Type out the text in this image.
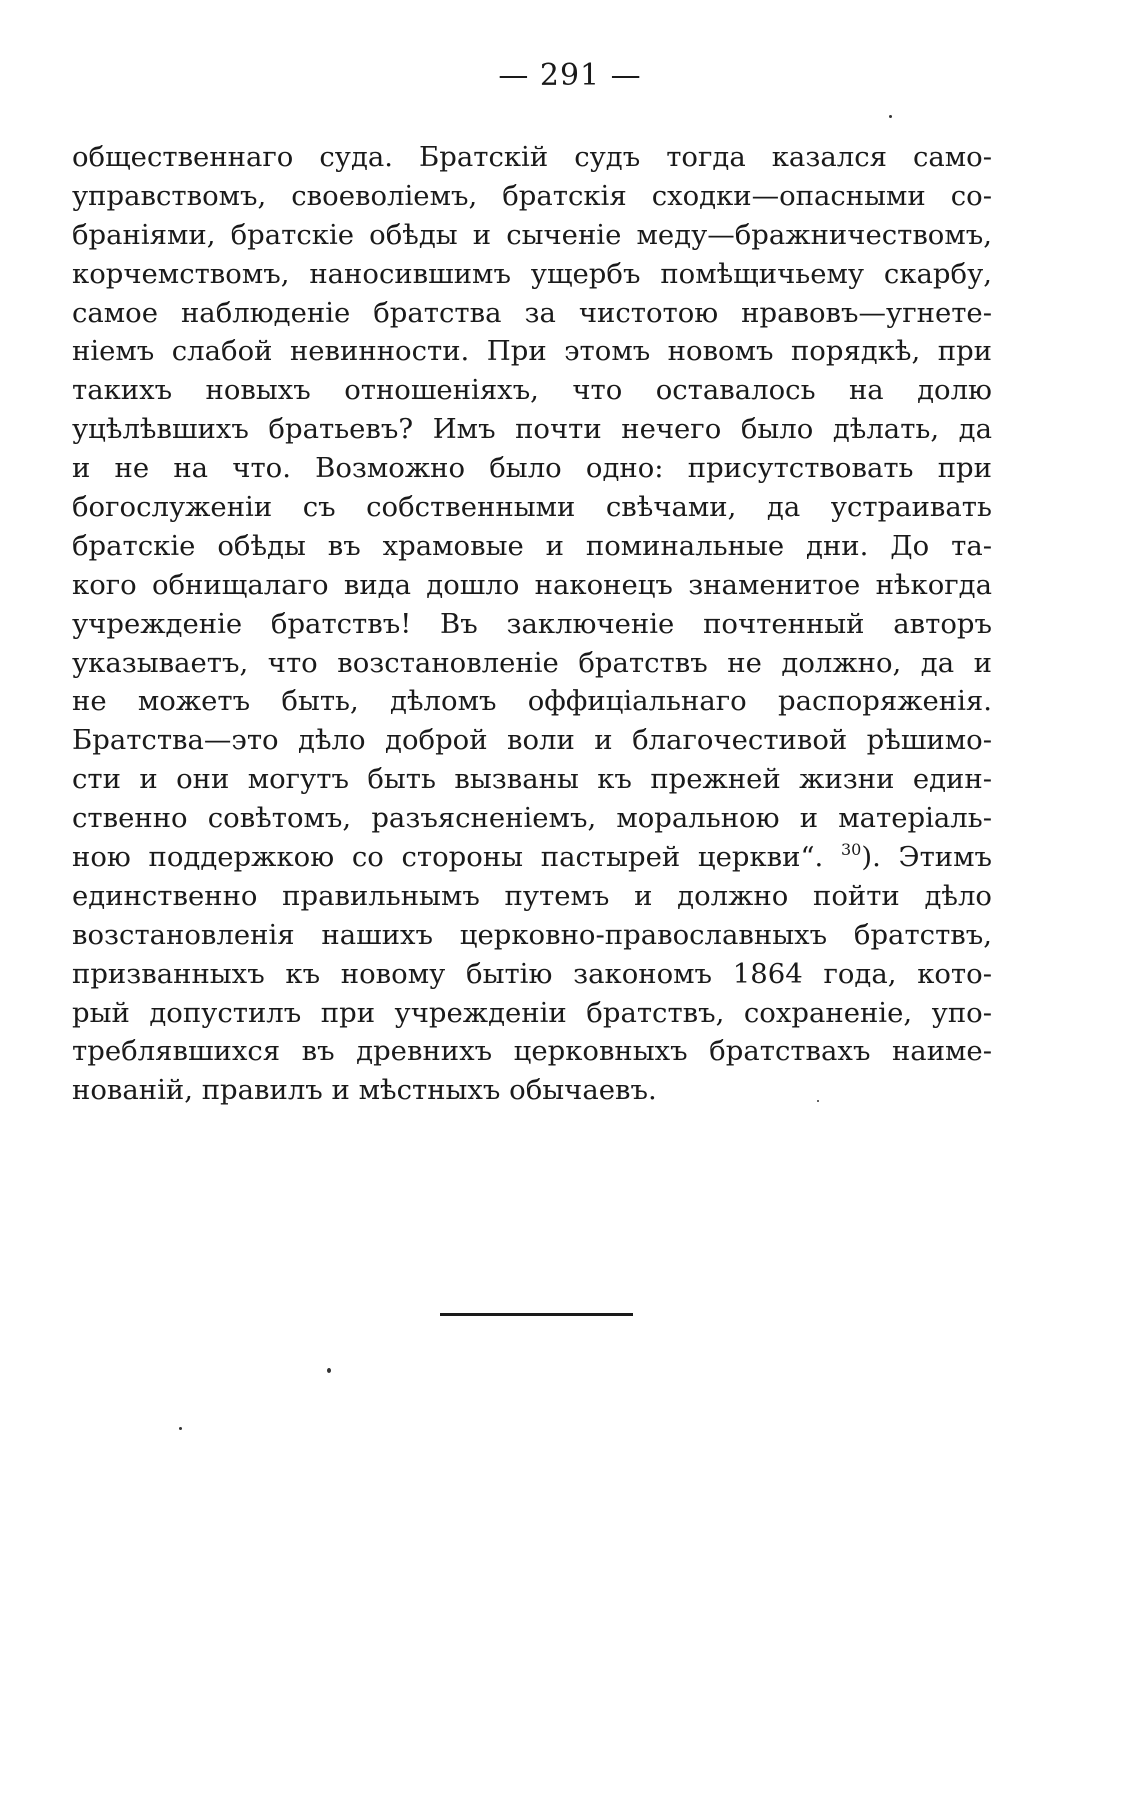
— 291 —
общественнаго суда. Братскій судъ тогда казался само-
управствомъ, своеволіемъ, братскія сходки—опасными со-
браніями, братскіе обѣды и сыченіе меду—бражничествомъ,
корчемствомъ, наносившимъ ущербъ помѣщичьему скарбу,
самое наблюденіе братства за чистотою нравовъ—угнете-
ніемъ слабой невинности. При этомъ новомъ порядкѣ, при
такихъ новыхъ отношеніяхъ, что оставалось на долю
уцѣлѣвшихъ братьевъ? Имъ почти нечего было дѣлать, да
и не на что. Возможно было одно: присутствовать при
богослуженіи съ собственными свѣчами, да устраивать
братскіе обѣды въ храмовые и поминальные дни. До та-
кого обнищалаго вида дошло наконецъ знаменитое нѣкогда
учрежденіе братствъ! Въ заключеніе почтенный авторъ
указываетъ, что возстановленіе братствъ не должно, да и
не можетъ быть, дѣломъ оффиціальнаго распоряженія.
Братства—это дѣло доброй воли и благочестивой рѣшимо-
сти и они могутъ быть вызваны къ прежней жизни един-
ственно совѣтомъ, разъясненіемъ, моральною и матеріаль-
ною поддержкою со стороны пастырей церкви“. $^{30}$). Этимъ
единственно правильнымъ путемъ и должно пойти дѣло
возстановленія нашихъ церковно-православныхъ братствъ,
призванныхъ къ новому бытію закономъ 1864 года, кото-
рый допустилъ при учрежденіи братствъ, сохраненіе, упо-
треблявшихся въ древнихъ церковныхъ братствахъ наиме-
нованій, правилъ и мѣстныхъ обычаевъ.
